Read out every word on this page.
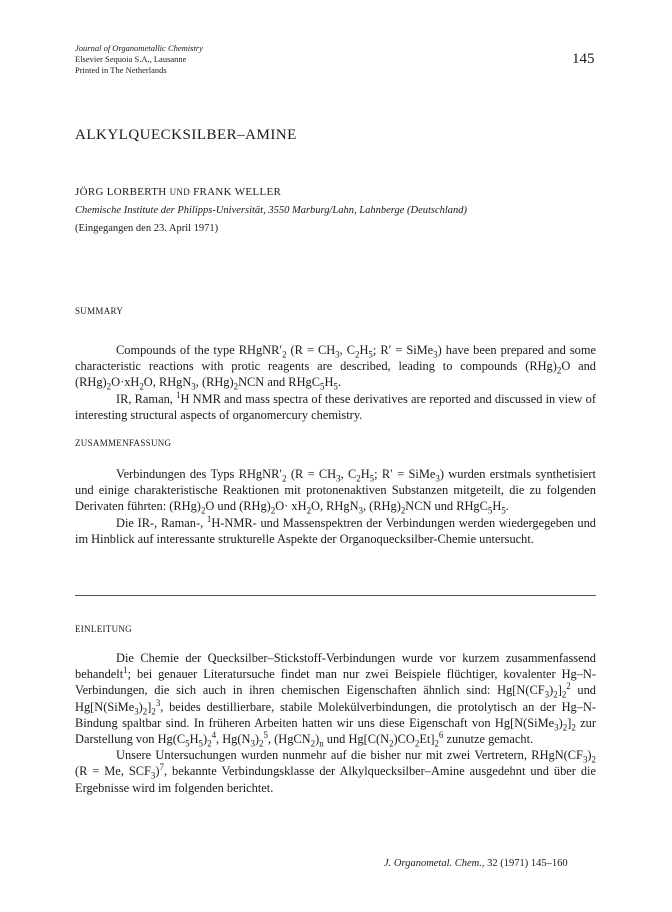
Journal of Organometallic Chemistry
Elsevier Sequoia S.A., Lausanne
Printed in The Netherlands
145
ALKYLQUECKSILBER–AMINE
JÖRG LORBERTH UND FRANK WELLER
Chemische Institute der Philipps-Universität, 3550 Marburg/Lahn, Lahnberge (Deutschland)
(Eingegangen den 23. April 1971)
SUMMARY

Compounds of the type $RHgNR'_2$ ($R = CH_3$, $C_2H_5$; R′ = SiMe$_3$) have been prepared and some characteristic reactions with protic reagents are described, leading to compounds $(RHg)_2O$ and $(RHg)_2O\cdot xH_2O$, RHgN$_3$, $(RHg)_2NCN$ and $RHgC_5H_5$.

IR, Raman, $^1$H NMR and mass spectra of these derivatives are reported and discussed in view of interesting structural aspects of organomercury chemistry.

ZUSAMMENFASSUNG

Verbindungen des Typs $RHgNR'_2$ ($R = CH_3$, $C_2H_5$; R′ = SiMe$_3$) wurden erstmals synthetisiert und einige charakteristische Reaktionen mit protonenaktiven Substanzen mitgeteilt, die zu folgenden Derivaten führten: $(RHg)_2O$ und $(RHg)_2O\cdot xH_2O$, RHgN$_3$, $(RHg)_2NCN$ und $RHgC_5H_5$.

Die IR-, Raman-, $^1$H-NMR- und Massenspektren der Verbindungen werden wiedergegeben und im Hinblick auf interessante strukturelle Aspekte der Organoquecksilber-Chemie untersucht.

EINLEITUNG

Die Chemie der Quecksilber–Stickstoff-Verbindungen wurde vor kurzem zusammenfassend behandelt$^1$; bei genauer Literatursuche findet man nur zwei Beispiele flüchtiger, kovalenter Hg–N-Verbindungen, die sich auch in ihren chemischen Eigenschaften ähnlich sind: $Hg[N(CF_3)_2]_2^2$ und $Hg[N(SiMe_3)_2]_2^3$, beides destillierbare, stabile Molekülverbindungen, die protolytisch an der Hg–N-Bindung spaltbar sind. In früheren Arbeiten hatten wir uns diese Eigenschaft von $Hg[N(SiMe_3)_2]_2$ zur Darstellung von $Hg(C_5H_5)_2^4$, $Hg(N_3)_2^5$, $(HgCN_2)_n$ und $Hg[C(N_2)CO_2Et]_2^6$ zunutze gemacht.

Unsere Untersuchungen wurden nunmehr auf die bisher nur mit zwei Vertretern, $RHgN(CF_3)_2$ (R = Me, $SCF_3)^7$, bekannte Verbindungsklasse der Alkylquecksilber–Amine ausgedehnt und über die Ergebnisse wird im folgenden berichtet.

J. Organometal. Chem., 32 (1971) 145–160
